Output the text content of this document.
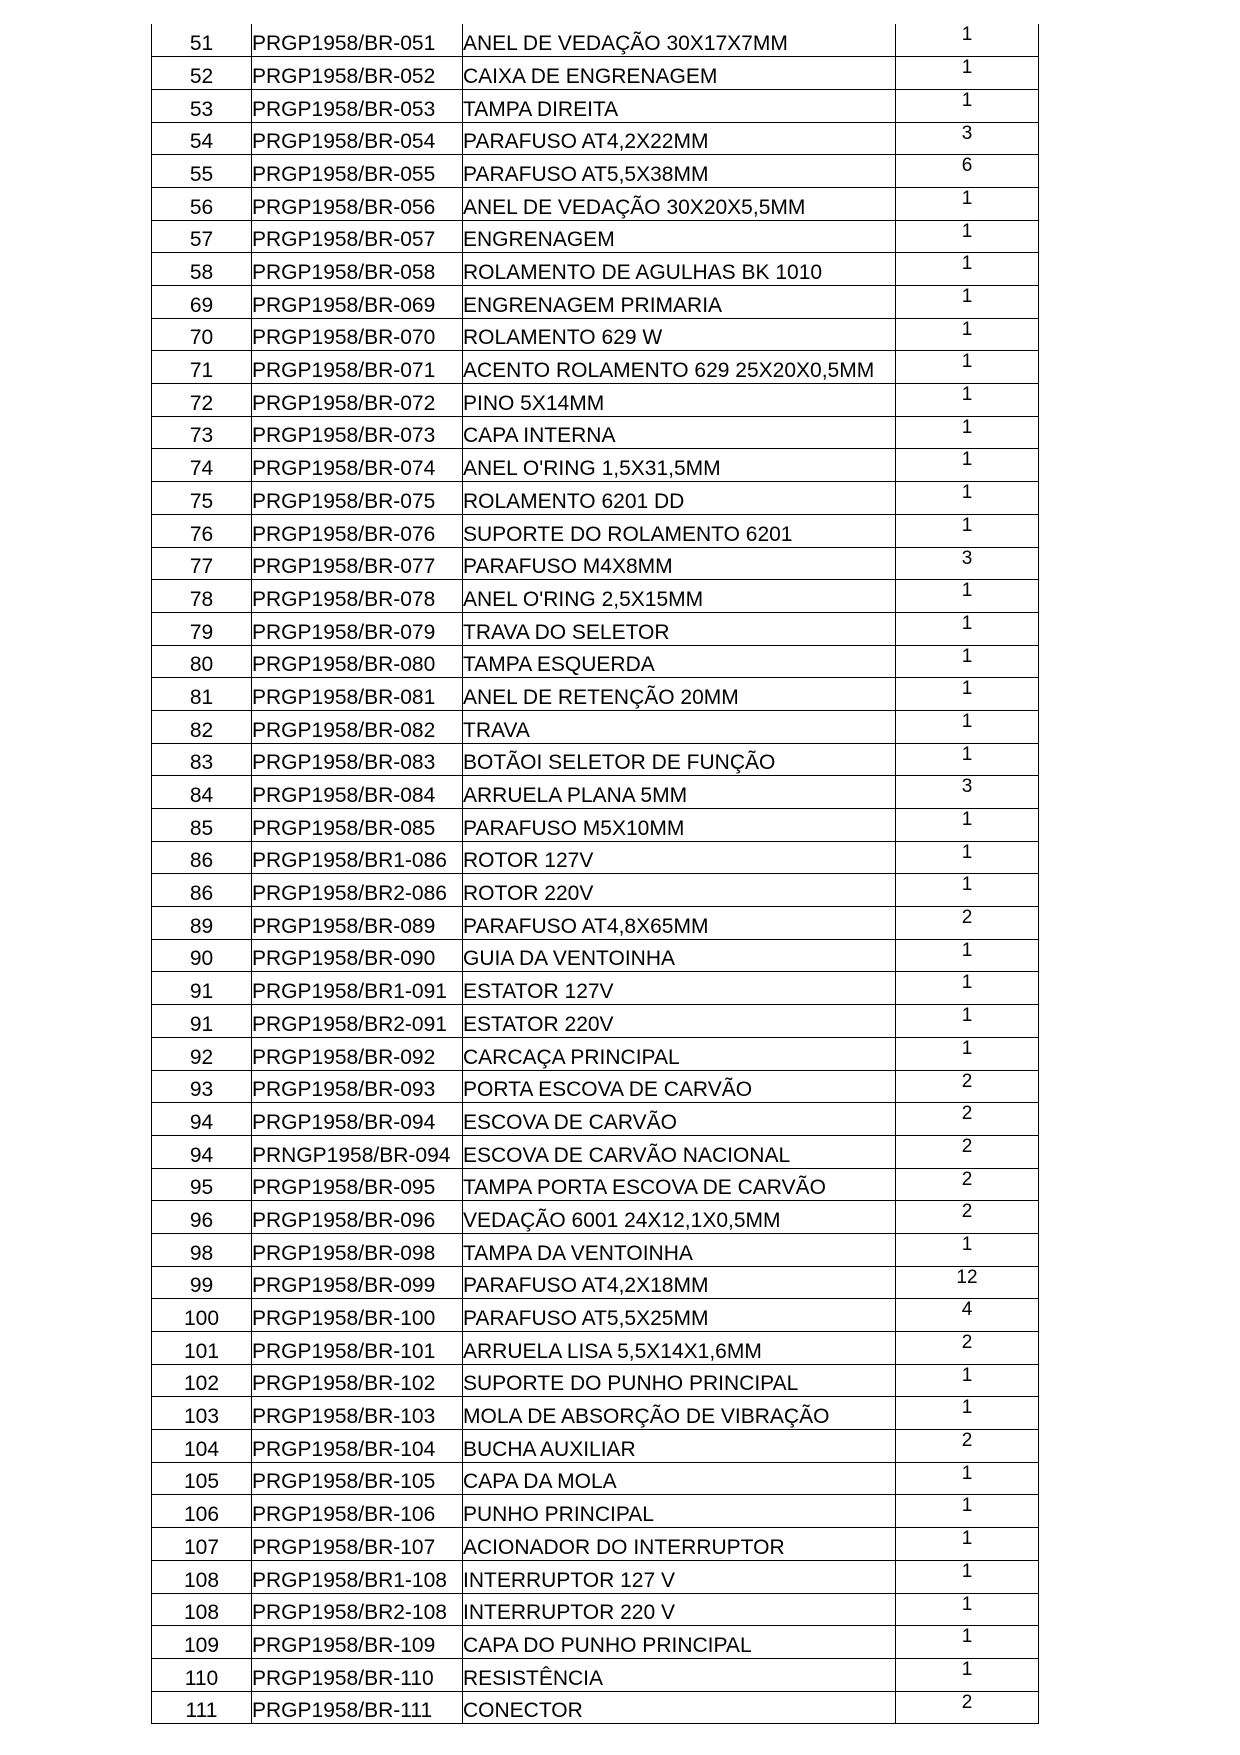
51	PRGP1958/BR-051	ANEL DE VEDAÇÃO 30X17X7MM	1
52	PRGP1958/BR-052	CAIXA DE ENGRENAGEM	1
53	PRGP1958/BR-053	TAMPA DIREITA	1
54	PRGP1958/BR-054	PARAFUSO AT4,2X22MM	3
55	PRGP1958/BR-055	PARAFUSO AT5,5X38MM	6
56	PRGP1958/BR-056	ANEL DE VEDAÇÃO 30X20X5,5MM	1
57	PRGP1958/BR-057	ENGRENAGEM	1
58	PRGP1958/BR-058	ROLAMENTO DE AGULHAS BK 1010	1
69	PRGP1958/BR-069	ENGRENAGEM PRIMARIA	1
70	PRGP1958/BR-070	ROLAMENTO 629 W	1
71	PRGP1958/BR-071	ACENTO ROLAMENTO 629 25X20X0,5MM	1
72	PRGP1958/BR-072	PINO 5X14MM	1
73	PRGP1958/BR-073	CAPA INTERNA	1
74	PRGP1958/BR-074	ANEL O'RING 1,5X31,5MM	1
75	PRGP1958/BR-075	ROLAMENTO 6201 DD	1
76	PRGP1958/BR-076	SUPORTE DO ROLAMENTO 6201	1
77	PRGP1958/BR-077	PARAFUSO M4X8MM	3
78	PRGP1958/BR-078	ANEL O'RING 2,5X15MM	1
79	PRGP1958/BR-079	TRAVA DO SELETOR	1
80	PRGP1958/BR-080	TAMPA ESQUERDA	1
81	PRGP1958/BR-081	ANEL DE RETENÇÃO 20MM	1
82	PRGP1958/BR-082	TRAVA	1
83	PRGP1958/BR-083	BOTÃOI SELETOR DE FUNÇÃO	1
84	PRGP1958/BR-084	ARRUELA PLANA 5MM	3
85	PRGP1958/BR-085	PARAFUSO M5X10MM	1
86	PRGP1958/BR1-086	ROTOR 127V	1
86	PRGP1958/BR2-086	ROTOR 220V	1
89	PRGP1958/BR-089	PARAFUSO AT4,8X65MM	2
90	PRGP1958/BR-090	GUIA DA VENTOINHA	1
91	PRGP1958/BR1-091	ESTATOR 127V	1
91	PRGP1958/BR2-091	ESTATOR 220V	1
92	PRGP1958/BR-092	CARCAÇA PRINCIPAL	1
93	PRGP1958/BR-093	PORTA ESCOVA DE CARVÃO	2
94	PRGP1958/BR-094	ESCOVA DE CARVÃO	2
94	PRNGP1958/BR-094	ESCOVA DE CARVÃO NACIONAL	2
95	PRGP1958/BR-095	TAMPA PORTA ESCOVA DE CARVÃO	2
96	PRGP1958/BR-096	VEDAÇÃO 6001 24X12,1X0,5MM	2
98	PRGP1958/BR-098	TAMPA DA VENTOINHA	1
99	PRGP1958/BR-099	PARAFUSO AT4,2X18MM	12
100	PRGP1958/BR-100	PARAFUSO AT5,5X25MM	4
101	PRGP1958/BR-101	ARRUELA LISA 5,5X14X1,6MM	2
102	PRGP1958/BR-102	SUPORTE DO PUNHO PRINCIPAL	1
103	PRGP1958/BR-103	MOLA DE ABSORÇÃO DE VIBRAÇÃO	1
104	PRGP1958/BR-104	BUCHA AUXILIAR	2
105	PRGP1958/BR-105	CAPA DA MOLA	1
106	PRGP1958/BR-106	PUNHO PRINCIPAL	1
107	PRGP1958/BR-107	ACIONADOR DO INTERRUPTOR	1
108	PRGP1958/BR1-108	INTERRUPTOR 127 V	1
108	PRGP1958/BR2-108	INTERRUPTOR 220 V	1
109	PRGP1958/BR-109	CAPA DO PUNHO PRINCIPAL	1
110	PRGP1958/BR-110	RESISTÊNCIA	1
111	PRGP1958/BR-111	CONECTOR	2
